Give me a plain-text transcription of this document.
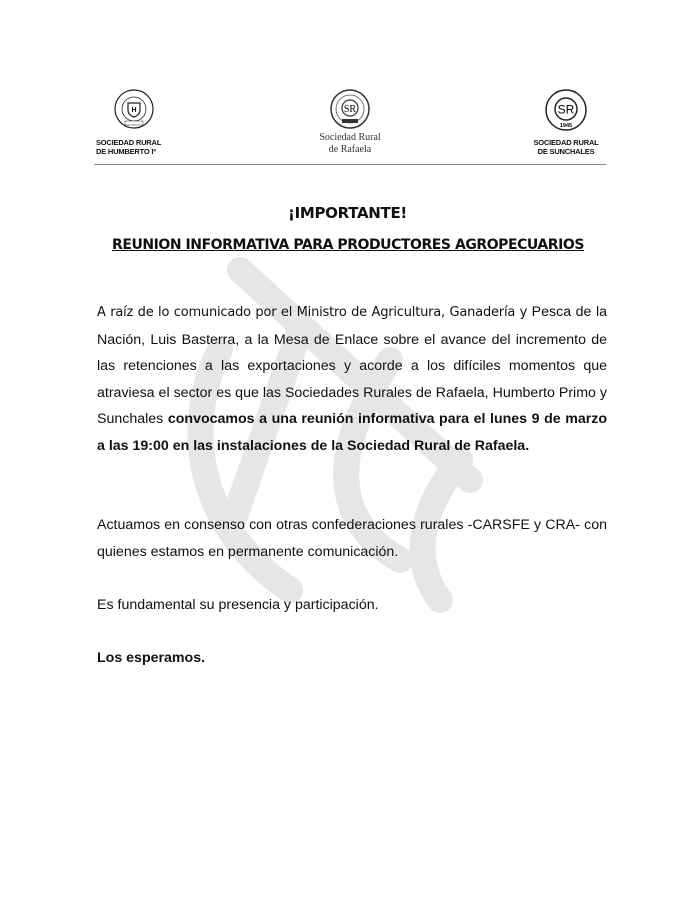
H
SOCIEDAD RURAL
DE HUMBERTO Iº
SR
Sociedad Rural
de Rafaela
SR
1945
SOCIEDAD RURAL
DE SUNCHALES
¡IMPORTANTE!
REUNION INFORMATIVA PARA PRODUCTORES AGROPECUARIOS
A raíz de lo comunicado por el Ministro de Agricultura, Ganadería y Pesca de la Nación, Luis Basterra, a la Mesa de Enlace sobre el avance del incremento de las retenciones a las exportaciones y acorde a los difíciles momentos que atraviesa el sector es que las Sociedades Rurales de Rafaela, Humberto Primo y Sunchales convocamos a una reunión informativa para el lunes 9 de marzo a las 19:00 en las instalaciones de la Sociedad Rural de Rafaela.
Actuamos en consenso con otras confederaciones rurales -CARSFE y CRA- con quienes estamos en permanente comunicación.
Es fundamental su presencia y participación.
Los esperamos.
